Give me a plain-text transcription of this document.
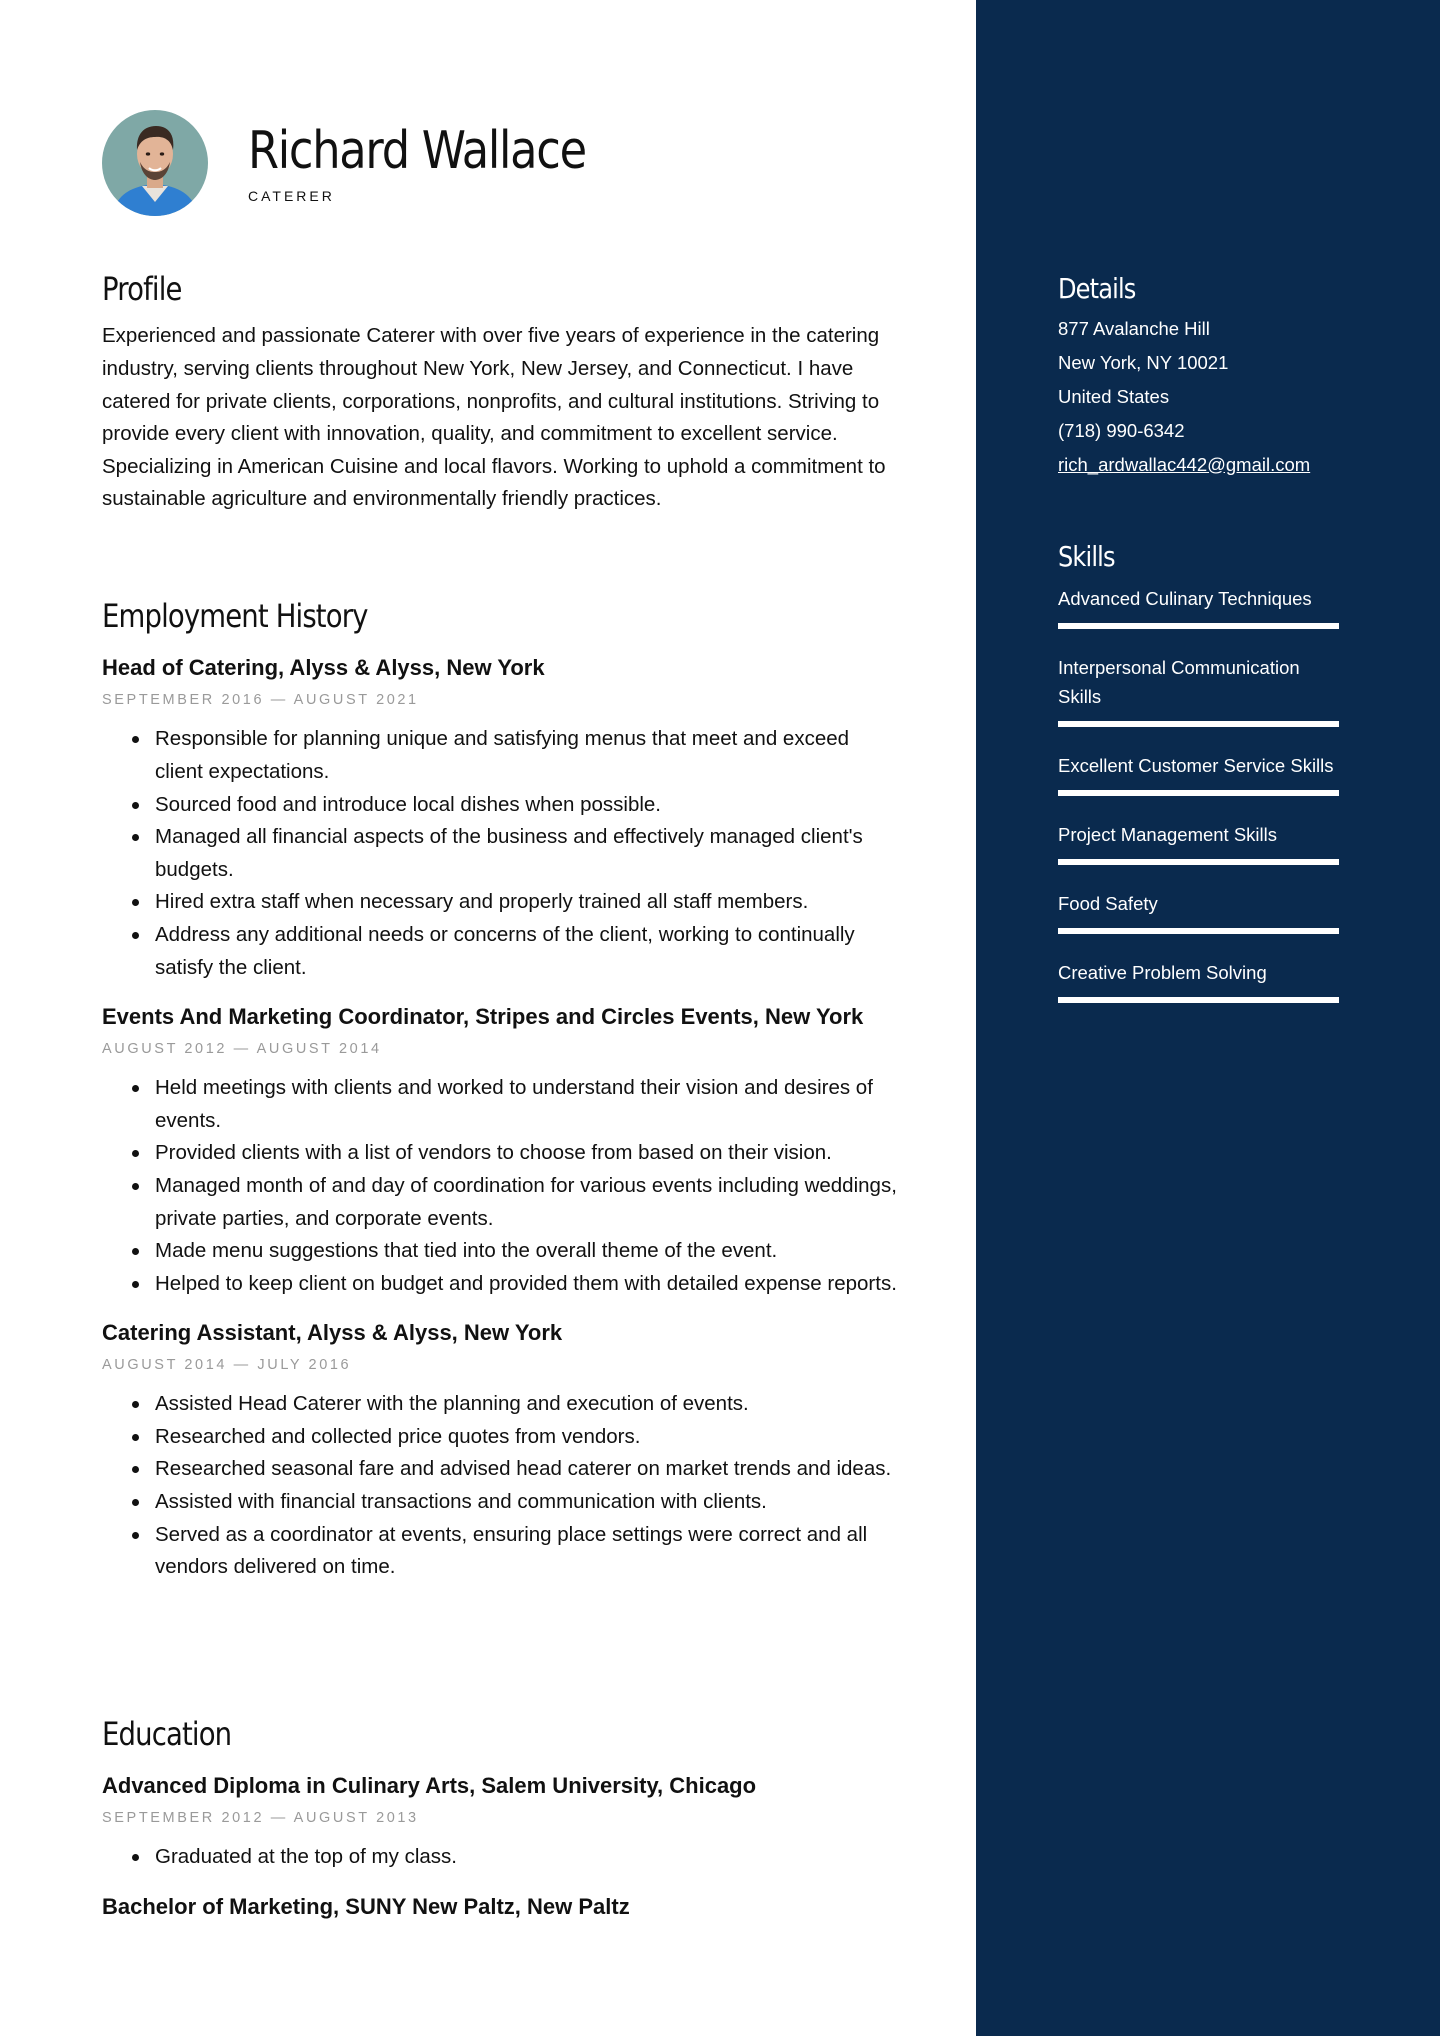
Richard Wallace
CATERER
Profile
Experienced and passionate Caterer with over five years of experience in the catering industry, serving clients throughout New York, New Jersey, and Connecticut. I have catered for private clients, corporations, nonprofits, and cultural institutions. Striving to provide every client with innovation, quality, and commitment to excellent service. Specializing in American Cuisine and local flavors. Working to uphold a commitment to sustainable agriculture and environmentally friendly practices.
Employment History
Head of Catering, Alyss & Alyss, New York
SEPTEMBER 2016 — AUGUST 2021
Responsible for planning unique and satisfying menus that meet and exceed client expectations.
Sourced food and introduce local dishes when possible.
Managed all financial aspects of the business and effectively managed client's budgets.
Hired extra staff when necessary and properly trained all staff members.
Address any additional needs or concerns of the client, working to continually satisfy the client.
Events And Marketing Coordinator, Stripes and Circles Events, New York
AUGUST 2012 — AUGUST 2014
Held meetings with clients and worked to understand their vision and desires of events.
Provided clients with a list of vendors to choose from based on their vision.
Managed month of and day of coordination for various events including weddings, private parties, and corporate events.
Made menu suggestions that tied into the overall theme of the event.
Helped to keep client on budget and provided them with detailed expense reports.
Catering Assistant, Alyss & Alyss, New York
AUGUST 2014 — JULY 2016
Assisted Head Caterer with the planning and execution of events.
Researched and collected price quotes from vendors.
Researched seasonal fare and advised head caterer on market trends and ideas.
Assisted with financial transactions and communication with clients.
Served as a coordinator at events, ensuring place settings were correct and all vendors delivered on time.
Education
Advanced Diploma in Culinary Arts, Salem University, Chicago
SEPTEMBER 2012 — AUGUST 2013
Graduated at the top of my class.
Bachelor of Marketing, SUNY New Paltz, New Paltz
Details
877 Avalanche Hill
New York, NY 10021
United States
(718) 990-6342
rich_ardwallac442@gmail.com
Skills
Advanced Culinary Techniques
Interpersonal Communication Skills
Excellent Customer Service Skills
Project Management Skills
Food Safety
Creative Problem Solving
